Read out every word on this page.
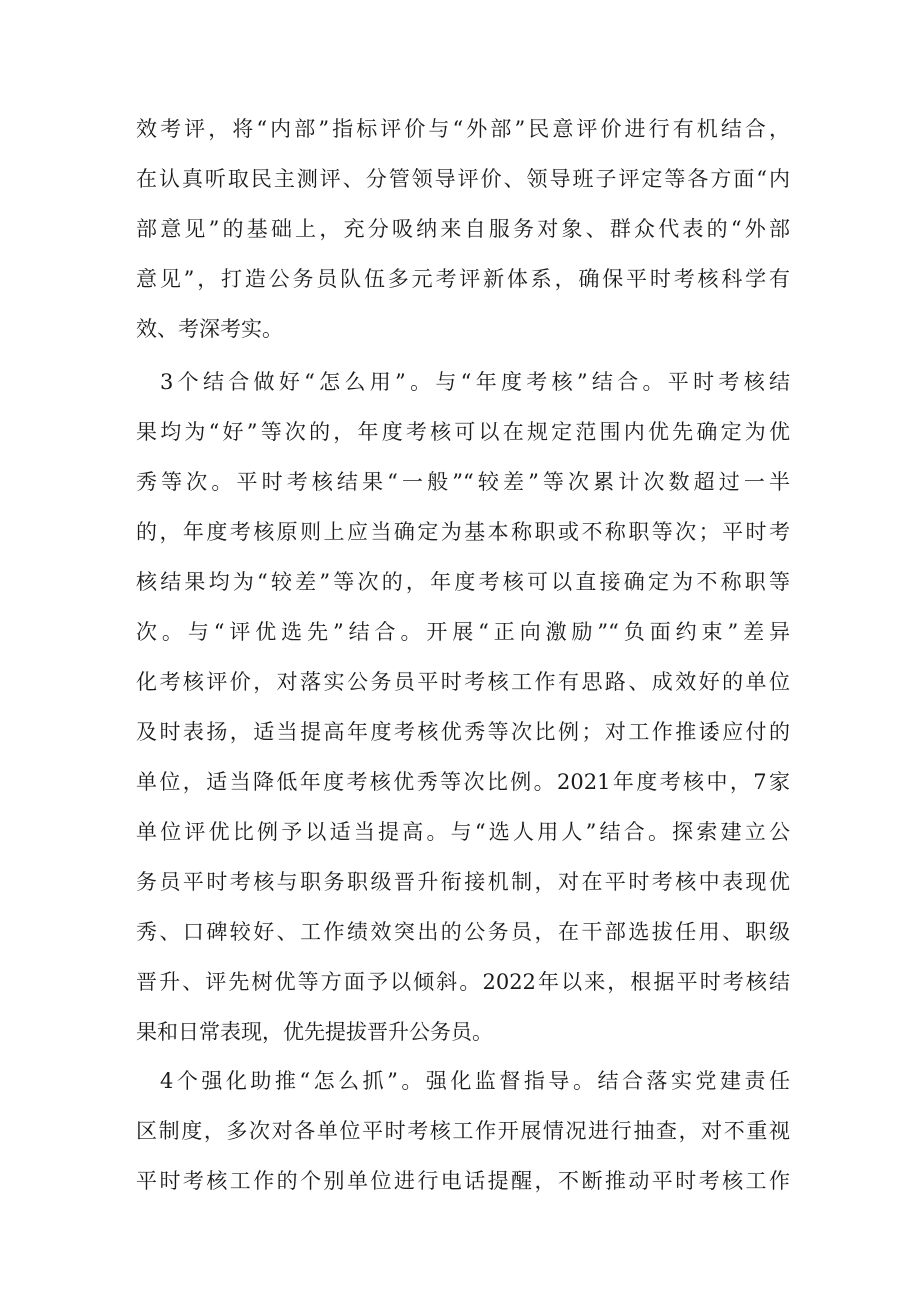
效考评，将“内部”指标评价与“外部”民意评价进行有机结合，
在认真听取民主测评、分管领导评价、领导班子评定等各方面“内
部意见”的基础上，充分吸纳来自服务对象、群众代表的“外部
意见”，打造公务员队伍多元考评新体系，确保平时考核科学有
效、考深考实。
3个结合做好“怎么用”。与“年度考核”结合。平时考核结
果均为“好”等次的，年度考核可以在规定范围内优先确定为优
秀等次。平时考核结果“一般”“较差”等次累计次数超过一半
的，年度考核原则上应当确定为基本称职或不称职等次；平时考
核结果均为“较差”等次的，年度考核可以直接确定为不称职等
次。与“评优选先”结合。开展“正向激励”“负面约束”差异
化考核评价，对落实公务员平时考核工作有思路、成效好的单位
及时表扬，适当提高年度考核优秀等次比例；对工作推诿应付的
单位，适当降低年度考核优秀等次比例。2021年度考核中，7家
单位评优比例予以适当提高。与“选人用人”结合。探索建立公
务员平时考核与职务职级晋升衔接机制，对在平时考核中表现优
秀、口碑较好、工作绩效突出的公务员，在干部选拔任用、职级
晋升、评先树优等方面予以倾斜。2022年以来，根据平时考核结
果和日常表现，优先提拔晋升公务员。
4个强化助推“怎么抓”。强化监督指导。结合落实党建责任
区制度，多次对各单位平时考核工作开展情况进行抽查，对不重视
平时考核工作的个别单位进行电话提醒，不断推动平时考核工作
